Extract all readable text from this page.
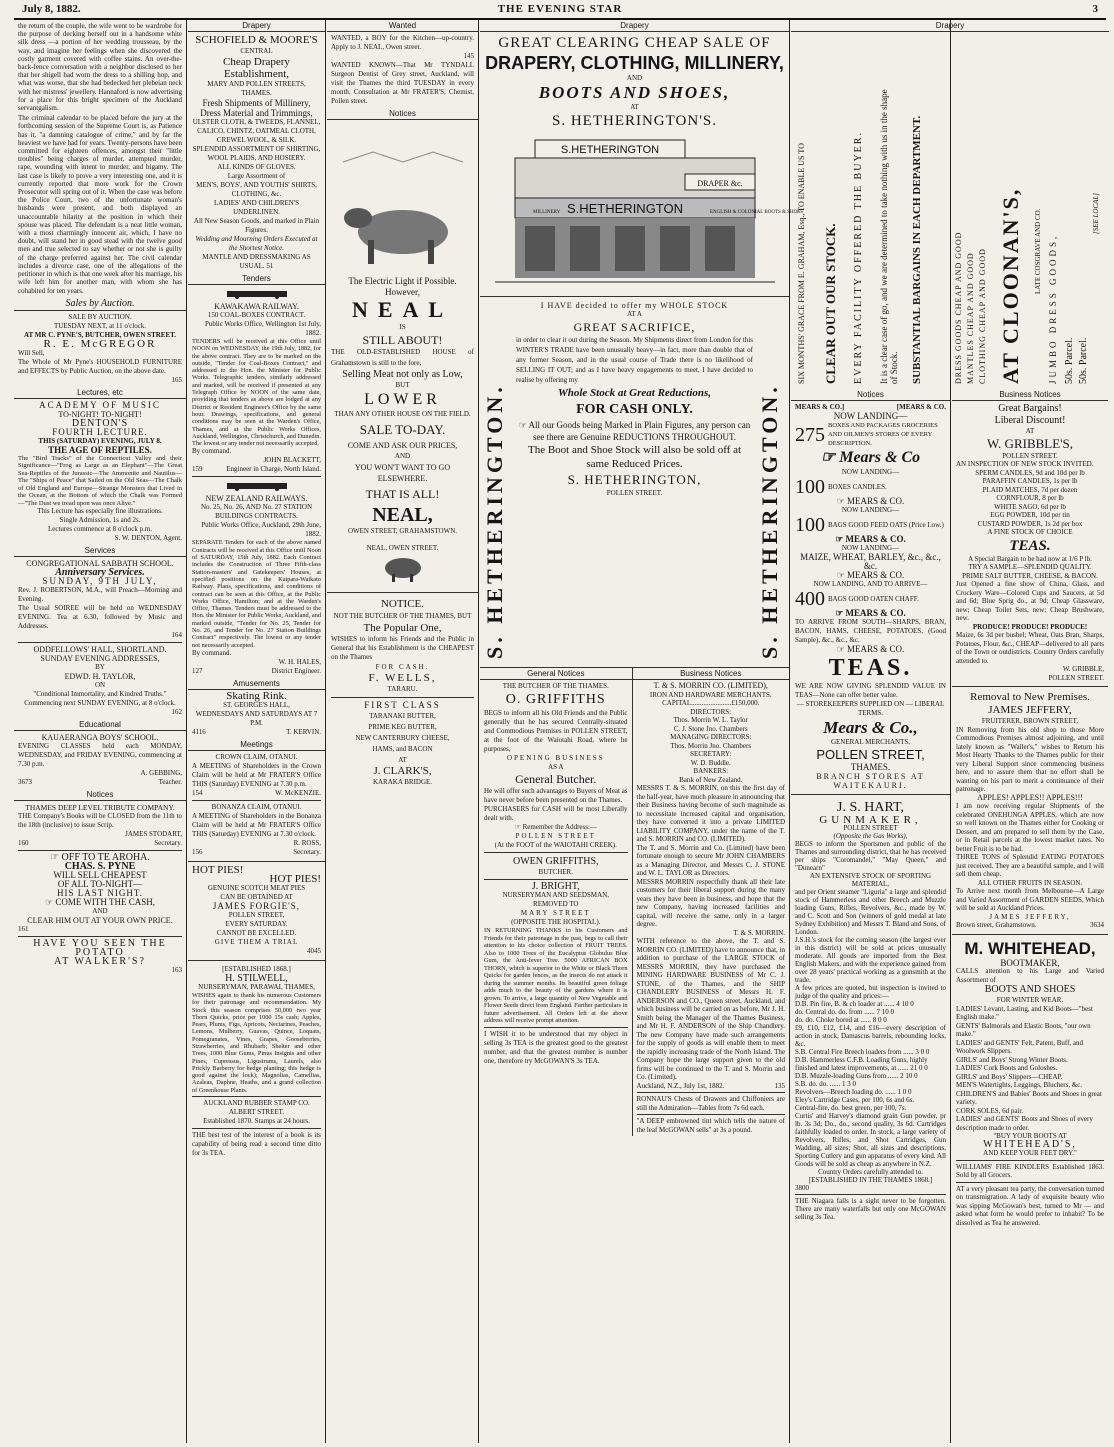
July 8, 1882.	THE EVENING STAR	3
the return of the couple, the wife went to be wardrobe for the purpose of decking herself out in a handsome white silk dress —a portion of her wedding trousseau, by the way, and imagine her feelings when she discovered the costly garment covered with coffee stains. An over-the-back-fence conversation with a neighbor disclosed to her that her shigell had worn the dress to a shilling hop, and what was worse, that she had bedecked her plebeian neck with her mistress' jewellery. Hannaford is now advertising for a place for this bright specimen of the Auckland servantgalism.
The criminal calendar to be placed before the jury at the forthcoming session of the Supreme Court is, as Patience has it, "a damning catalogue of crime," and by far the heaviest we have had for years. Twenty-persons have been committed for eighteen offences, amongst their "little troubles" being charges of murder, attempted murder, rape, wounding with intent to murder, and bigamy. The last case is likely to prove a very interesting one, and it is currently reported that more work for the Crown Prosecutor will spring out of it. When the case was before the Police Court, two of the unfortunate woman's husbands were present, and both displayed an unaccountable hilarity at the position in which their spouse was placed. The defendant is a neat little woman, with a most charmingly innocent air, which, I have no doubt, will stand her in good stead with the twelve good men and true selected to say whether or not she is guilty of the charge preferred against her. The civil calendar includes a divorce case, one of the allegations of the petitioner in which is that one week after his marriage, his wife left him for another man, with whom she has cohabited for ten years.
Sales by Auction.
SALE BY AUCTION.
TUESDAY NEXT, at 11 o'clock.
AT MR C. PYNE'S, BUTCHER, OWEN STREET.
R. E. McGREGOR
Will Sell,
The Whole of Mr Pyne's HOUSEHOLD FURNITURE and EFFECTS by Public Auction, on the above date.
165
Lectures, etc
ACADEMY OF MUSIC
TO-NIGHT! TO-NIGHT!
DENTON'S
FOURTH LECTURE.
THIS (SATURDAY) EVENING, JULY 8.
THE AGE OF REPTILES.
The "Bird Tracks" of the Connecticut Valley and their Significance—"Frog as Large as an Elephant"—The Great Sea-Reptiles of the Jurassic—The Ammonite and Nautilus—The "Ships of Peace" that Sailed on the Old Seas—The Chalk of Old England and Europe—Strange Monsters that Lived in the Ocean, at the Bottom of which the Chalk was Formed—"The Dust we tread upon was once Alive."
This Lecture has especially fine illustrations.
Single Admission, 1s and 2s.
Lectures commence at 8 o'clock p.m.
S. W. DENTON, Agent.
Services
CONGREGATIONAL SABBATH SCHOOL.
Anniversary Services.
SUNDAY, 9TH JULY,
Rev. J. ROBERTSON, M.A., will Preach—Morning and Evening.
The Usual SOIREE will be held on WEDNESDAY EVENING. Tea at 6.30, followed by Music and Addresses.
164
ODDFELLOWS' HALL, SHORTLAND.
SUNDAY EVENING ADDRESSES,
BY
EDWD. H. TAYLOR,
ON
"Conditional Immortality, and Kindred Truths."
Commencing next SUNDAY EVENING, at 8 o'clock.
162
Educational
KAUAERANGA BOYS' SCHOOL.
EVENING CLASSES held each MONDAY, WEDNESDAY, and FRIDAY EVENING, commencing at 7.30 p.m.
A. GEBBING,
3673	Teacher.
Notices
THAMES DEEP LEVEL TRIBUTE COMPANY.
THE Company's Books will be CLOSED from the 11th to the 18th (inclusive) to issue Scrip.
JAMES STODART,
160	Secretary.
☞ OFF TO TE AROHA.
CHAS. S. PYNE
WILL SELL CHEAPEST
OF ALL TO-NIGHT—
HIS LAST NIGHT.
☞ COME WITH THE CASH,
AND
CLEAR HIM OUT AT YOUR OWN PRICE.
161
HAVE YOU SEEN THE
POTATO
AT WALKER'S?
163
Drapery
SCHOFIELD & MOORE'S
CENTRAL
Cheap Drapery Establishment,
MARY AND POLLEN STREETS, THAMES.
Fresh Shipments of Millinery, Dress Material and Trimmings,
ULSTER CLOTH, & TWEEDS, FLANNEL, CALICO, CHINTZ, OATMEAL CLOTH, CREWEL WOOL, & SILK.
SPLENDID ASSORTMENT OF SHIRTING, WOOL PLAIDS, AND HOSIERY.
ALL KINDS OF GLOVES.
Large Assortment of
MEN'S, BOYS', AND YOUTHS' SHIRTS, CLOTHING, &c.
LADIES' AND CHILDREN'S UNDERLINEN.
All New Season Goods, and marked in Plain Figures.
Wedding and Mourning Orders Executed at the Shortest Notice.
MANTLE AND DRESSMAKING AS USUAL. 51
Tenders
KAWAKAWA RAILWAY.
150 COAL-BOXES CONTRACT.
Public Works Office, Wellington 1st July, 1882.
TENDERS will be received at this Office until NOON on WEDNESDAY, the 19th July, 1882, for the above contract. They are to be marked on the outside, "Tender for Coal-Boxes Contract," and addressed to the Hon. the Minister for Public Works. Telegraphic tenders, similarly addressed and marked, will be received if presented at any Telegraph Office by NOON of the same date, providing that tenders as above are lodged at any District or Resident Engineer's Office by the same hour. Drawings, specifications, and general conditions may be seen at the Warden's Office, Thames, and at the Public Works Offices, Auckland, Wellington, Christchurch, and Dunedin. The lowest or any tender not necessarily accepted.
By command.
JOHN BLACKETT,
159	Engineer in Charge, North Island.
NEW ZEALAND RAILWAYS.
No. 25, No. 26, AND No. 27 STATION BUILDINGS CONTRACTS.
Public Works Office, Auckland, 29th June, 1882.
SEPARATE Tenders for each of the above named Contracts will be received at this Office until Noon of SATURDAY, 15th July, 1882. Each Contract includes the Construction of Three Fifth-class Station-masters' and Gatekeepers' Houses, at specified positions on the Kaipara-Waikato Railway. Plans, specifications, and conditions of contract can be seen at this Office, at the Public Works Office, Hamilton; and at the Warden's Office, Thames. Tenders must be addressed to the Hon. the Minister for Public Works, Auckland, and marked outside, "Tender for No. 25, Tender for No. 26, and Tender for No. 27 Station Buildings Contract" respectively. The lowest or any tender not necessarily accepted.
By command.
W. H. HALES,
127	District Engineer.
Amusements
Skating Rink.
ST. GEORGE'S HALL,
WEDNESDAYS AND SATURDAYS AT 7 P.M.
4116	T. KERVIN.
Meetings
CROWN CLAIM, OTANUI.
A MEETING of Shareholders in the Crown Claim will be held at Mr FRATER'S Office THIS (Saturday) EVENING at 7.30 p.m.
154	W. McKENZIE.
BONANZA CLAIM, OTANUI.
A MEETING of Shareholders in the Bonanza Claim will be held at Mr FRATER'S Office THIS (Saturday) EVENING at 7.30 o'clock.
R. ROSS,
156	Secretary.
HOT PIES!
HOT PIES!
GENUINE SCOTCH MEAT PIES
CAN BE OBTAINED AT
JAMES FORGIE'S,
POLLEN STREET,
EVERY SATURDAY.
CANNOT BE EXCELLED.
GIVE THEM A TRIAL
4045
[ESTABLISHED 1868.]
H. STILWELL,
NURSERYMAN, PARAWAI, THAMES,
WISHES again to thank his numerous Customers for their patronage and recommendation. My Stock this season comprises 50,000 two year Thorn Quicks, price per 1000 15s cash; Apples, Pears, Plums, Figs, Apricots, Nectarines, Peaches, Lemons, Mulberry, Guavas, Quince, Loquats, Pomegranates, Vines, Grapes, Gooseberries, Strawberries, and Rhubarb; Shelter and other Trees, 1000 Blue Gums, Pinus Insignis and other Pines, Cupressus, Ligustrums, Laurels, also Prickly Barberry for hedge planting; this hedge is good against the lock); Magnolias, Camellias, Azaleas, Daphne, Heaths, and a grand collection of Greenhouse Plants.
AUCKLAND RUBBER STAMP CO.
ALBERT STREET.
Established 1870. Stamps at 24 hours.
THE best test of the interest of a book is its capability of being read a second time ditto for 3s TEA.
Wanted
WANTED, a BOY for the Kitchen—up-country. Apply to J. NEAL, Owen street.
145
WANTED KNOWN—That Mr TYNDALL Surgeon Dentist of Grey street, Auckland, will visit the Thames the third TUESDAY in every month. Consultation at Mr FRATER'S, Chemist, Pollen street.
Notices
The Electric Light if Possible.
However,
NEAL
IS
STILL ABOUT!
THE OLD-ESTABLISHED HOUSE of Grahamstown is still to the fore,
Selling Meat not only as Low,
BUT
LOWER
THAN ANY OTHER HOUSE ON THE FIELD.
SALE TO-DAY.
COME AND ASK OUR PRICES,
AND
YOU WON'T WANT TO GO ELSEWHERE.
THAT IS ALL!
NEAL,
OWEN STREET, GRAHAMSTOWN.
NEAL, OWEN STREET.
NOTICE.
NOT THE BUTCHER OF THE THAMES, BUT
The Popular One,
WISHES to inform his Friends and the Public in General that his Establishment is the CHEAPEST on the Thames
FOR CASH.
F. WELLS,
TARARU.
FIRST CLASS
TARANAKI BUTTER,
PRIME KEG BUTTER,
NEW CANTERBURY CHEESE,
HAMS, and BACON
AT
J. CLARK'S,
KARAKA BRIDGE.
Drapery
GREAT CLEARING CHEAP SALE OF
DRAPERY, CLOTHING, MILLINERY,
AND
BOOTS AND SHOES,
AT
S. HETHERINGTON'S.
S.HETHERINGTON
DRAPER &c.
S.HETHERINGTON
MILLINERY	ENGLISH & COLONIAL BOOTS & SHOES
S. HETHERINGTON.	S. HETHERINGTON.
I HAVE decided to offer my WHOLE STOCK
AT A
GREAT SACRIFICE,
in order to clear it out during the Season. My Shipments direct from London for this WINTER'S TRADE have been unusually heavy—in fact, more than double that of any former Season, and in the usual course of Trade there is no likelihood of SELLING IT OUT; and as I have heavy engagements to meet, I have decided to realise by offering my
Whole Stock at Great Reductions,
FOR CASH ONLY.
☞ All our Goods being Marked in Plain Figures, any person can see there are Genuine REDUCTIONS THROUGHOUT.
The Boot and Shoe Stock will also be sold off at same Reduced Prices.
S. HETHERINGTON,
POLLEN STREET.
General Notices
THE BUTCHER OF THE THAMES.
O. GRIFFITHS
BEGS to inform all his Old Friends and the Public generally that he has secured Centrally-situated and Commodious Premises in POLLEN STREET, at the foot of the Waiotahi Road, where he purposes,
OPENING BUSINESS
AS A
General Butcher.
He will offer such advantages to Buyers of Meat as have never before been presented on the Thames.
PURCHASERS for CASH will be most Liberally dealt with.
☞ Remember the Address:—
POLLEN STREET
(At the FOOT of the WAIOTAHI CREEK).
OWEN GRIFFITHS,
BUTCHER.
J. BRIGHT,
NURSERYMAN AND SEEDSMAN,
REMOVED TO
MARY STREET
(OPPOSITE THE HOSPITAL).
IN RETURNING THANKS to his Customers and Friends for their patronage in the past, begs to call their attention to his choice collection of FRUIT TREES. Also to 1000 Trees of the Eucalyptus Globulus Blue Gum, the Anti-fever Tree. 5000 AFRICAN BOX THORN, which is superior to the White or Black Thorn Quicks for garden fences, as the insects do not attack it during the summer months. Its beautiful green foliage adds much to the beauty of the gardens where it is grown. To arrive, a large quantity of New Vegetable and Flower Seeds direct from England. Further particulars in future advertisement. All Orders left at the above address will receive prompt attention.
I WISH it to be understood that my object in selling 3s TEA is the greatest good to the greatest number, and that the greatest number is number one, therefore try McGOWAN'S 3s TEA.
Business Notices
T. & S. MORRIN CO. (LIMITED),
IRON AND HARDWARE MERCHANTS.
CAPITAL.......................£150,000.
DIRECTORS:
Thos. Morrin W. L. Taylor
C. J. Stone Jno. Chambers
MANAGING DIRECTORS:
Thos. Morrin Jno. Chambers
SECRETARY:
W. D. Buddle.
BANKERS:
Bank of New Zealand.
MESSRS T. & S. MORRIN, on this the first day of the half-year, have much pleasure in announcing that their Business having become of such magnitude as to necessitate increased capital and organisation, they have converted it into a private LIMITED LIABILITY COMPANY, under the name of the T. and S. MORRIN and CO. (LIMITED).
The T. and S. Morrin and Co. (Limited) have been fortunate enough to secure Mr JOHN CHAMBERS as a Managing Director, and Messrs C. J. STONE and W. L. TAYLOR as Directors.
MESSRS MORRIN respectfully thank all their late customers for their liberal support during the many years they have been in business, and hope that the new Company, having increased facilities and capital, will receive the same, only in a larger degree.
T. & S. MORRIN.
WITH reference to the above, the T. and S. MORRIN CO. (LIMITED) have to announce that, in addition to purchase of the LARGE STOCK of MESSRS MORRIN, they have purchased the MINING HARDWARE BUSINESS of Mr C. J. STONE, of the Thames, and the SHIP CHANDLERY BUSINESS of Messrs H. F. ANDERSON and CO., Queen street, Auckland, and which business will be carried on as before, Mr J. H. Smith being the Manager of the Thames Business, and Mr H. F. ANDERSON of the Ship Chandlery. The new Company have made such arrangements for the supply of goods as will enable them to meet the rapidly increasing trade of the North Island. The Company hope the large support given to the old firms will be continued to the T. and S. Morrin and Co. (Limited).
Auckland, N.Z., July 1st, 1882.	135
RONNAU'S Chests of Drawers and Chiffoniers are still the Admiration—Tables from 7s 6d each.
"A DEEP embrowned tint which tells the nature of the leaf McGOWAN sells" at 3s a pound.
Drapery
SIX MONTHS' GRACE FROM E. GRAHAM, Esq., TO ENABLE US TO CLEAR OUT OUR STOCK. EVERY FACILITY OFFERED THE BUYER. It is a clear case of go, and we are determined to take nothing with us in the shape of Stock. SUBSTANTIAL BARGAINS IN EACH DEPARTMENT.
Notices
MEARS & CO.]	[MEARS & CO.
NOW LANDING—
275 BOXES AND PACKAGES GROCERIES AND OILMEN'S STORES OF EVERY DESCRIPTION.
☞ Mears & Co
NOW LANDING—
100 BOXES CANDLES.
☞ MEARS & CO.
NOW LANDING—
100 BAGS GOOD FEED OATS (Price Low.)
☞ MEARS & CO.
NOW LANDING—
MAIZE, WHEAT, BARLEY, &c., &c., &c.
☞ MEARS & CO.
NOW LANDING, AND TO ARRIVE—
400 BAGS GOOD OATEN CHAFF.
☞ MEARS & CO.
TO ARRIVE FROM SOUTH—SHARPS, BRAN, BACON, HAMS, CHEESE, POTATOES, (Good Sample), &c., &c., &c.
☞ MEARS & CO.
TEAS.
WE ARE NOW GIVING SPLENDID VALUE IN TEAS—None can offer better value.
— STOREKEEPERS SUPPLIED ON — LIBERAL TERMS.
Mears & Co.,
GENERAL MERCHANTS,
POLLEN STREET,
THAMES.
BRANCH STORES AT
WAITEKAURI.
J. S. HART,
GUNMAKER,
POLLEN STREET
(Opposite the Gas Works),
BEGS to inform the Sportsmen and public of the Thames and surrounding district, that he has received per ships "Coromandel," "May Queen," and "Dunearn"
AN EXTENSIVE STOCK OF SPORTING MATERIAL,
and per Orient steamer "Liguria" a large and splendid stock of Hammerless and other Breech and Muzzle loading Guns, Rifles, Revolvers, &c., made by W. and C. Scott and Son (winners of gold medal at late Sydney Exhibition) and Messrs T. Bland and Sons, of London.
J.S.H.'s stock for the coming season (the largest ever in this district) will be sold at prices unusually moderate. All goods are imported from the Best English Makers, and with the experience gained from over 28 years' practical working as a gunsmith at the trade.
A few prices are quoted, but inspection is invited to judge of the quality and prices:—
D.B. Pin fire, B. & ch loader at ...... 4 10 0
do. Central do. do. from ...... 7 10 0
do. do. Choke bored at ...... 8 0 0
£9, £10, £12, £14, and £16—every description of action in stock, Damascus barrels, rebounding locks, &c.
S.B. Central Fire Breech loaders from ...... 3 0 0
D.B. Hammerless C.F.B. Loading Guns, highly finished and latest improvements, at ...... 21 0 0
D.B. Muzzle-loading Guns from ...... 2 10 0
S.B. do. do. ...... 1 3 0
Revolvers—Breech loading do. ...... 1 0 0
Eley's Cartridge Cases, per 100, 6s and 6s.
Central-fire, do. best green, per 100, 7s.
Curtis' and Harvey's diamond grain Gun powder, pr lb. 3s 3d; Do., do., second quality, 3s 6d. Cartridges faithfully loaded to order. In stock, a large variety of Revolvers, Rifles, and Shot Cartridges, Gun Wadding, all sizes; Shot, all sizes and descriptions, Sporting Cutlery and gun apparatus of every kind. All Goods will be sold as cheap as anywhere in N.Z.
Country Orders carefully attended to.
[ESTABLISHED IN THE THAMES 1868.]
3800
THE Niagara falls is a sight never to be forgotten. There are many waterfalls but only one McGOWAN selling 3s Tea.
DRESS GOODS CHEAP AND GOOD MANTLES CHEAP AND GOOD CLOTHING CHEAP AND GOOD AT CLOONAN'S, LATE COSGRAVE AND CO. JUMBO DRESS GOODS, 50s. Parcel. 50s. Parcel.
[SEE LOCAL]
Business Notices
Great Bargains!
Liberal Discount!
AT
W. GRIBBLE'S,
POLLEN STREET.
AN INSPECTION OF NEW STOCK INVITED.
SPERM CANDLES, 9d and 10d per lb
PARAFFIN CANDLES, 1s per lb
PLAID MATCHES, 7d per dozen
CORNFLOUR, 8 per lb
WHITE SAGO, 6d per lb
EGG POWDER, 10d per tin
CUSTARD POWDER, 1s 2d per box
A FINE STOCK OF CHOICE
TEAS.
A Special Bargain to be had now at 1/6 P lb.
TRY A SAMPLE—SPLENDID QUALITY.
PRIME SALT BUTTER, CHEESE, & BACON.
Just Opened a fine show of China, Glass, and Crockery Ware—Colored Cups and Saucers, at 5d and 6d; Blue Sprig do., at 9d; Cheap Glassware, new; Cheap Toilet Sets, new; Cheap Brushware, new.
PRODUCE! PRODUCE! PRODUCE!
Maize, 6s 3d per bushel; Wheat, Oats Bran, Sharps, Potatoes, Flour, &c., CHEAP—delivered to all parts of the Town or outdistricts. Country Orders carefully attended to.
W. GRIBBLE,
POLLEN STREET.
Removal to New Premises.
JAMES JEFFERY,
FRUITERER, BROWN STREET,
IN Removing from his old shop to those More Commodious Premises almost adjoining, and until lately known as "Waller's," wishes to Return his Most Hearty Thanks to the Thames public for their very Liberal Support since commencing business here, and to assure them that no effort shall be wanting on his part to merit a continuance of their patronage.
APPLES! APPLES!! APPLES!!!
I am now receiving regular Shipments of the celebrated ONEHUNGA APPLES, which are now so well known on the Thames either for Cooking or Dessert, and am prepared to sell them by the Case, or in Retail parcels at the lowest market rates. No better Fruit is to be had.
THREE TONS of Splendid EATING POTATOES just received. They are a beautiful sample, and I will sell them cheap.
ALL OTHER FRUITS IN SEASON.
To Arrive next month from Melbourne—A Large and Varied Assortment of GARDEN SEEDS, Which will be sold at Auckland Prices.
JAMES JEFFERY,
Brown street, Grahamstown.	3634
M. WHITEHEAD,
BOOTMAKER,
CALLS attention to his Large and Varied Assortment of
BOOTS AND SHOES
FOR WINTER WEAR.
LADIES' Levant, Lasting, and Kid Boots—"best English make."
GENTS' Balmorals and Elastic Boots, "our own make."
LADIES' and GENTS' Felt, Patent, Buff, and Woolwork Slippers.
GIRLS' and Boys' Strong Winter Boots.
LADIES' Cork Boots and Goloshes.
GIRLS' and Boys' Slippers—CHEAP.
MEN'S Watertights, Leggings, Bluchers, &c.
CHILDREN'S and Babies' Boots and Shoes in great variety.
CORK SOLES, 6d pair.
LADIES' and GENTS' Boots and Shoes of every description made to order.
"BUY YOUR BOOTS AT
WHITEHEAD'S,
AND KEEP YOUR FEET DRY."
WILLIAMS' FIRE KINDLERS Established 1863. Sold by all Grocers.
AT a very pleasant tea party, the conversation turned on transmigration. A lady of exquisite beauty who was sipping McGowan's best, turned to Mr — and asked what form he would prefer to inhabit? To be dissolved as Tea he answered.
